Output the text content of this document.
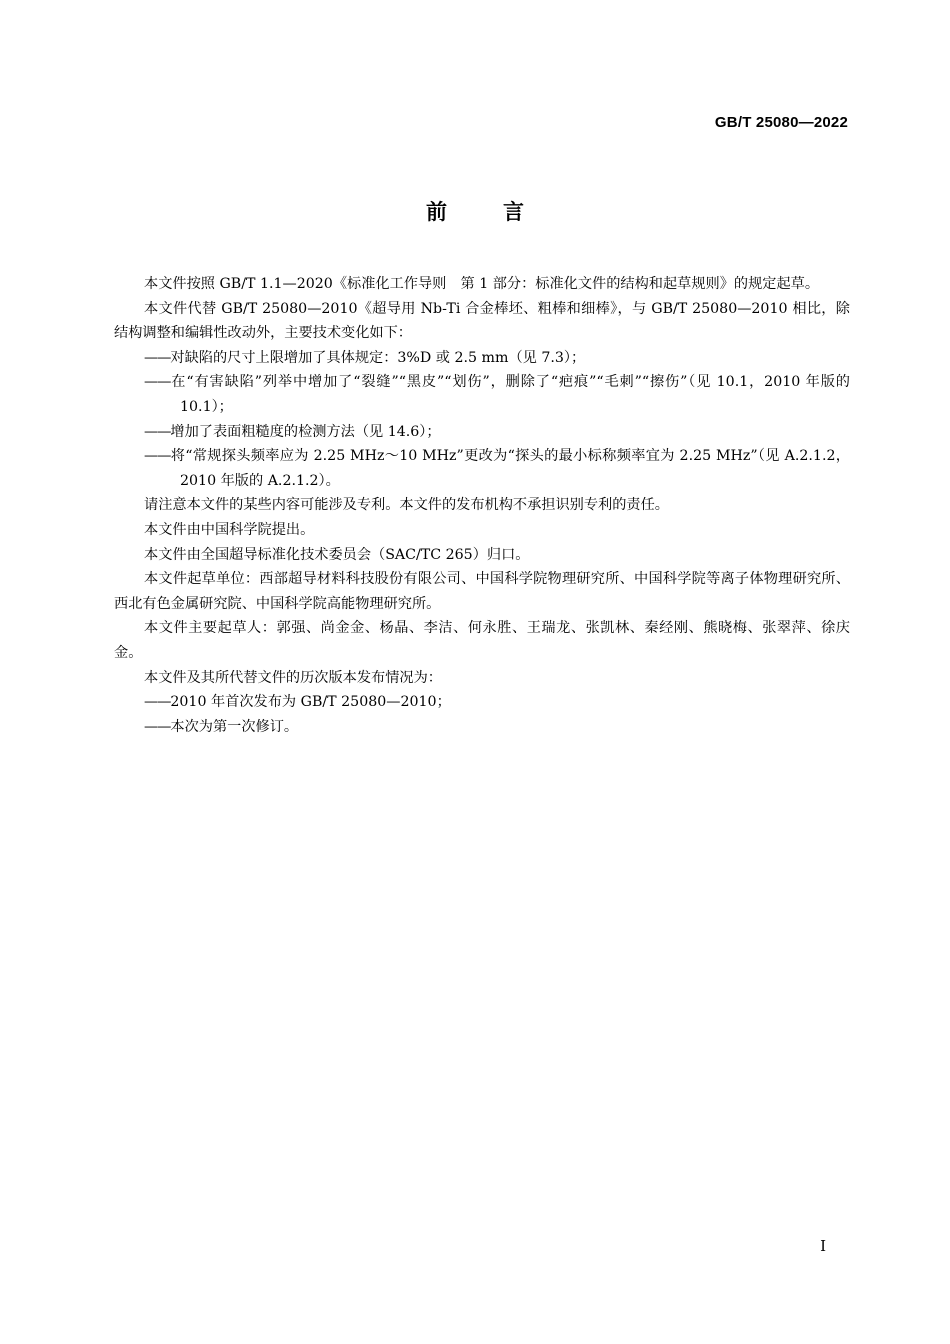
GB/T 25080—2022
前	言

本文件按照 GB/T 1.1—2020《标准化工作导则　第 1 部分：标准化文件的结构和起草规则》的规定起草。

本文件代替 GB/T 25080—2010《超导用 Nb-Ti 合金棒坯、粗棒和细棒》，与 GB/T 25080—2010 相比，除结构调整和编辑性改动外，主要技术变化如下：

—— 对缺陷的尺寸上限增加了具体规定：3%D 或 2.5 mm（见 7.3）；

—— 在“有害缺陷”列举中增加了“裂缝”“黑皮”“划伤”，删除了“疤痕”“毛刺”“擦伤”（见 10.1，2010 年版的 10.1）；

—— 增加了表面粗糙度的检测方法（见 14.6）；

—— 将“常规探头频率应为 2.25 MHz～10 MHz”更改为“探头的最小标称频率宜为 2.25 MHz”（见 A.2.1.2，2010 年版的 A.2.1.2）。

请注意本文件的某些内容可能涉及专利。本文件的发布机构不承担识别专利的责任。

本文件由中国科学院提出。

本文件由全国超导标准化技术委员会（SAC/TC 265）归口。

本文件起草单位：西部超导材料科技股份有限公司、中国科学院物理研究所、中国科学院等离子体物理研究所、西北有色金属研究院、中国科学院高能物理研究所。

本文件主要起草人：郭强、尚金金、杨晶、李洁、何永胜、王瑞龙、张凯林、秦经刚、熊晓梅、张翠萍、徐庆金。

本文件及其所代替文件的历次版本发布情况为：

—— 2010 年首次发布为 GB/T 25080—2010；

—— 本次为第一次修订。

I
